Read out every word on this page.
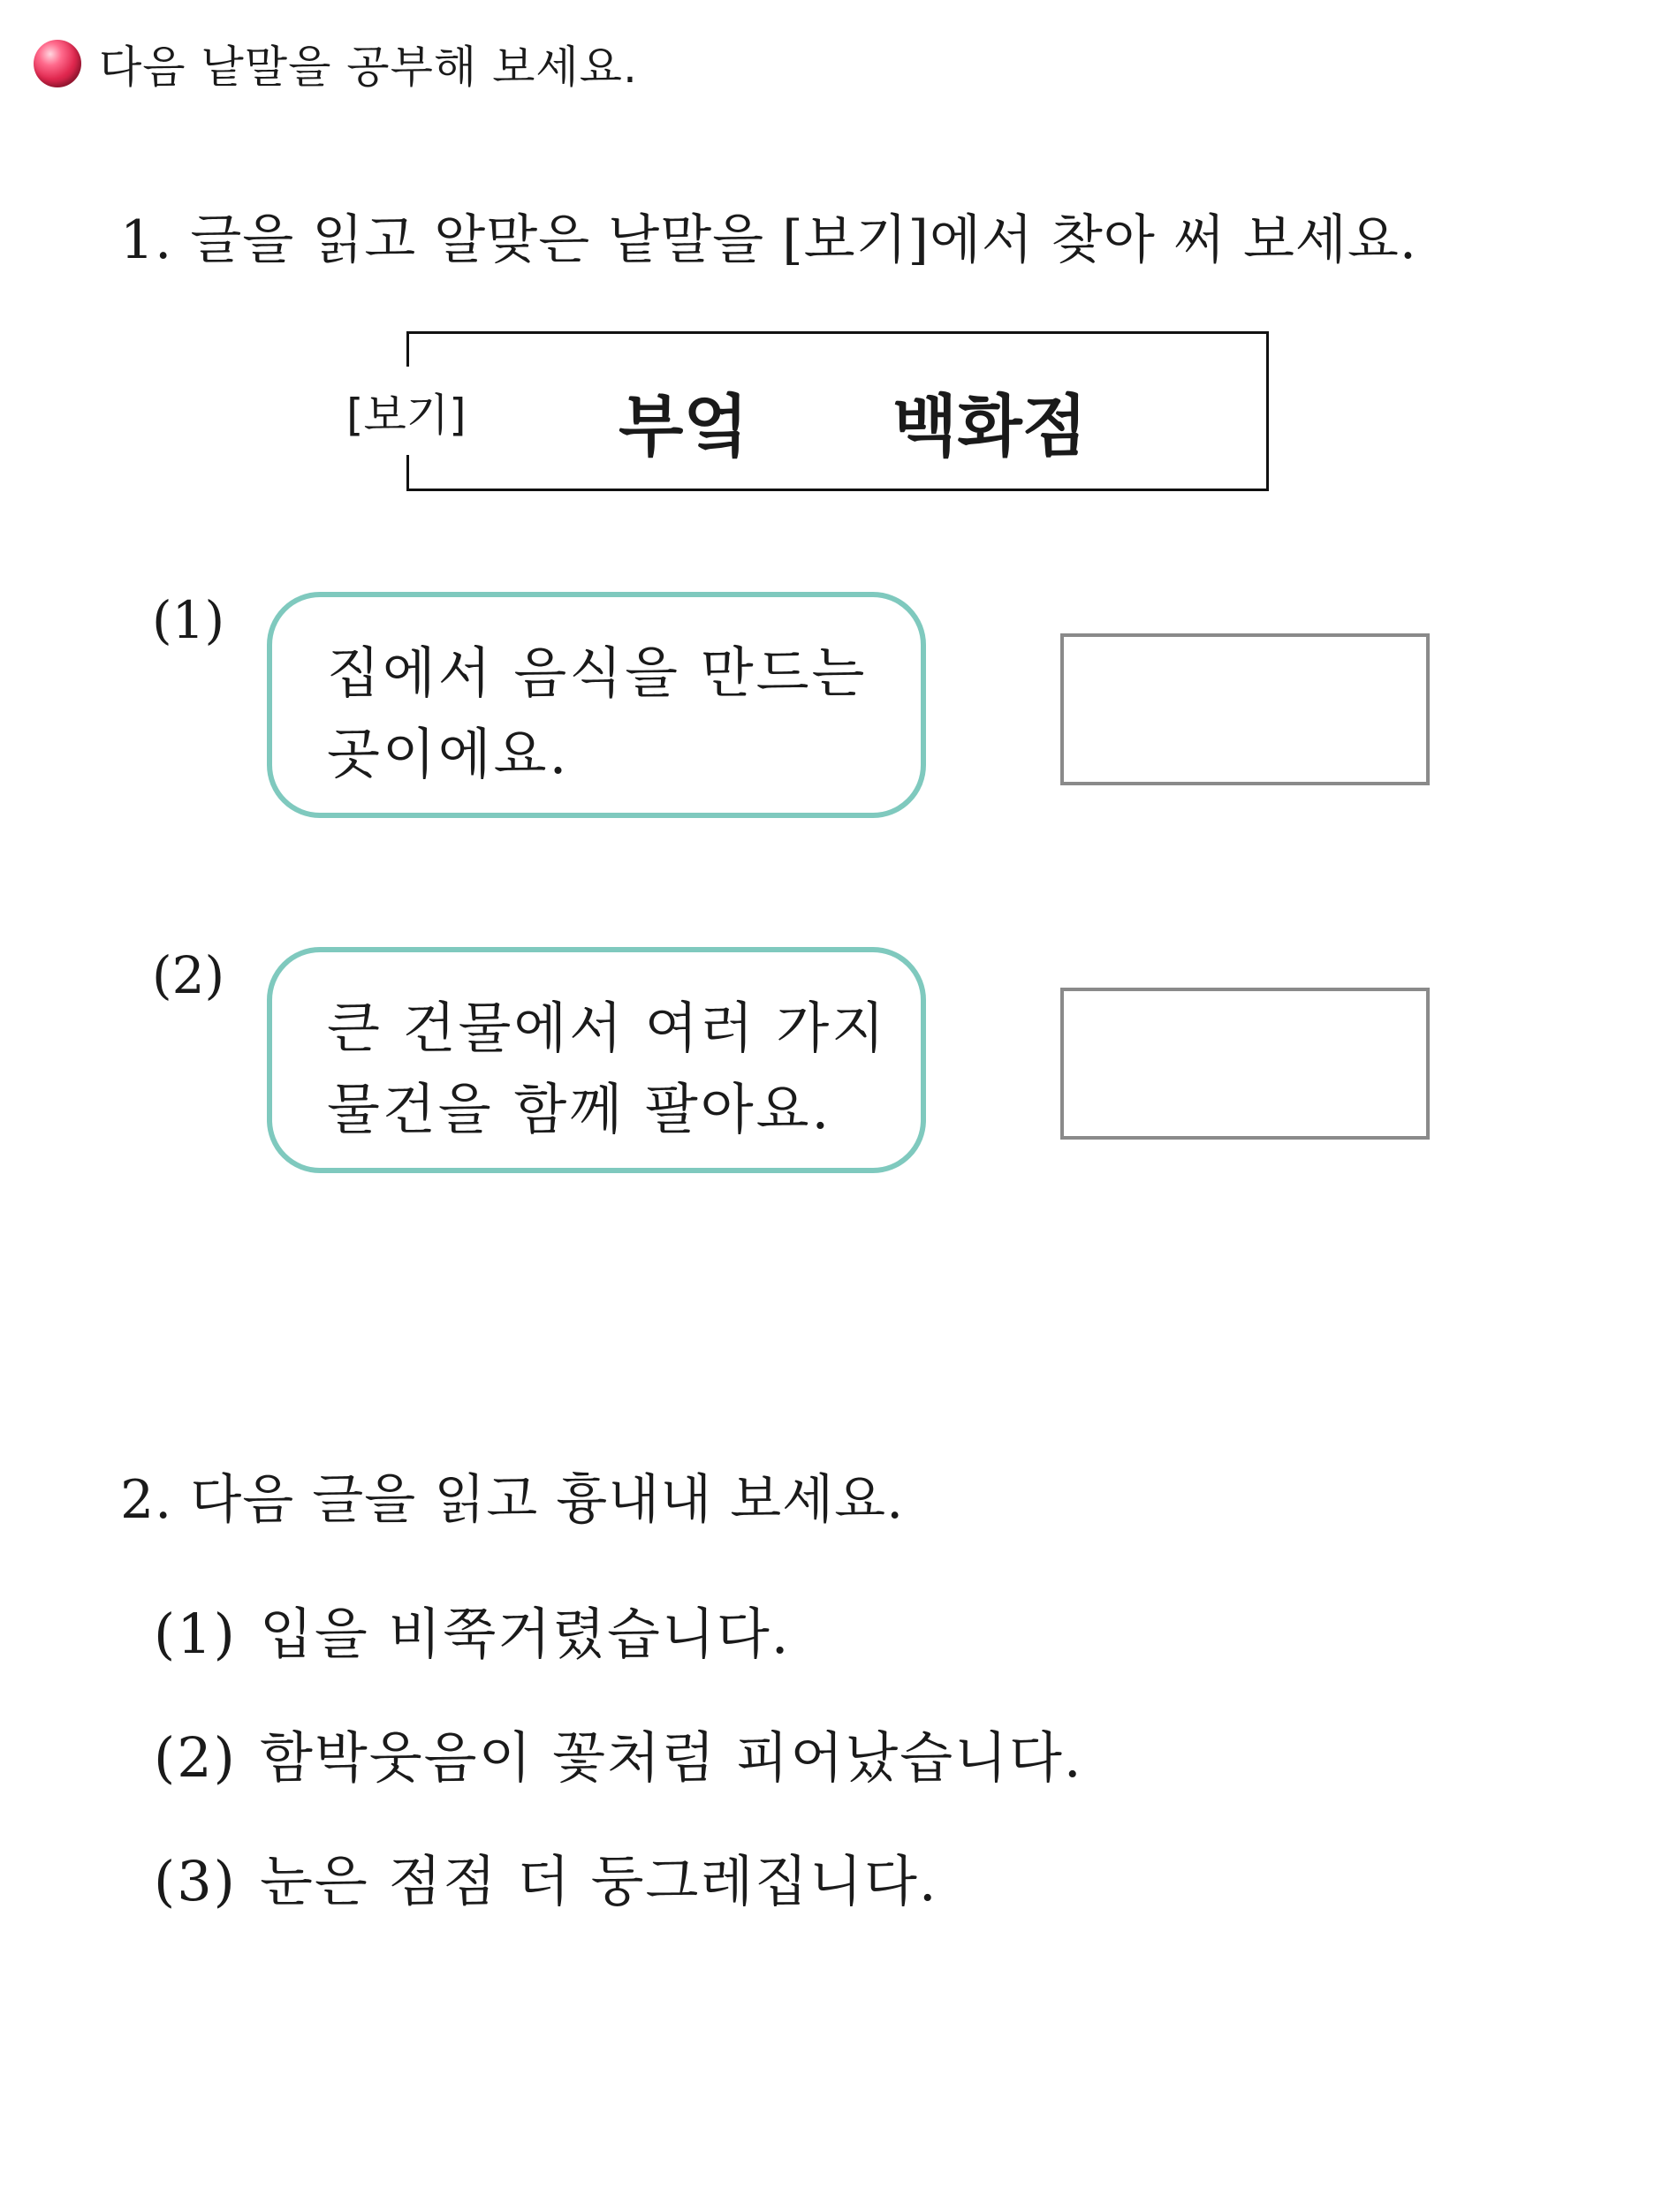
다음 낱말을 공부해 보세요.
1. 글을 읽고 알맞은 낱말을 [보기]에서 찾아 써 보세요.
[보기] 부엌 백화점
(1)
집에서 음식을 만드는
곳이에요.
(2)
큰 건물에서 여러 가지
물건을 함께 팔아요.
2. 다음 글을 읽고 흉내내 보세요.
(1) 입을 비쭉거렸습니다.
(2) 함박웃음이 꽃처럼 피어났습니다.
(3) 눈은 점점 더 둥그레집니다.
